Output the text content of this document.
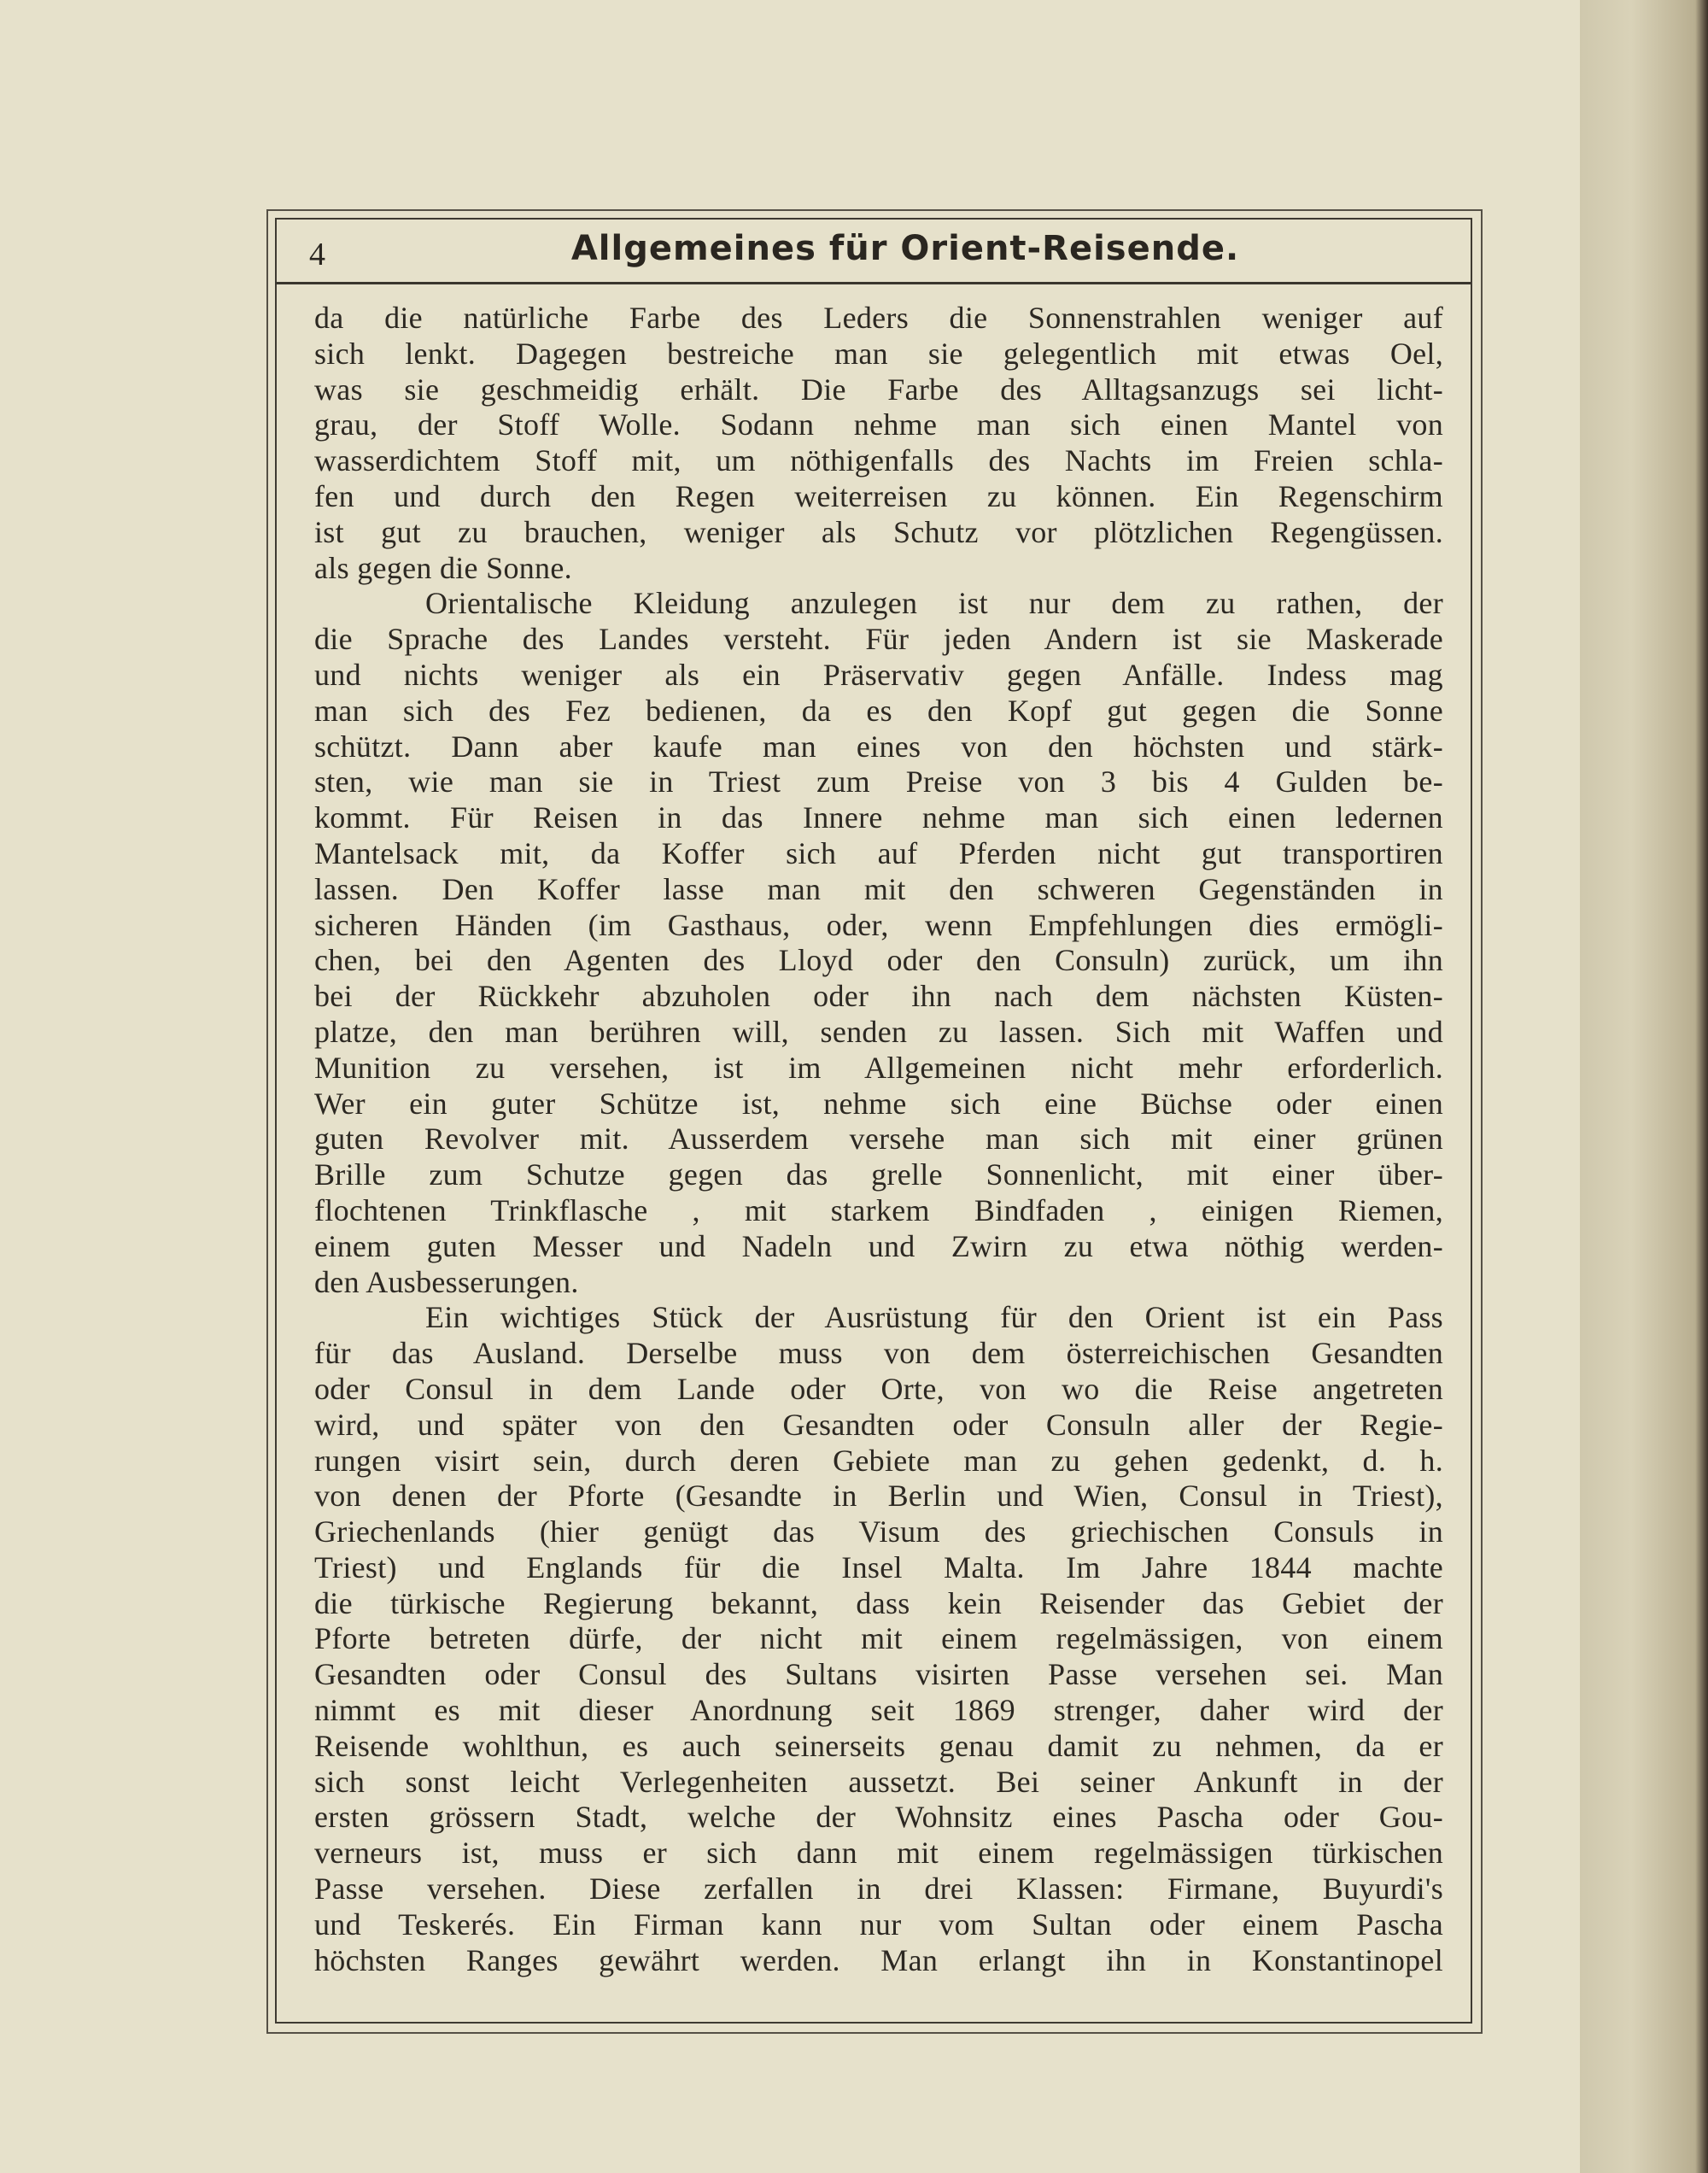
4	Allgemeines für Orient-Reisende.
da die natürliche Farbe des Leders die Sonnenstrahlen weniger auf
sich lenkt. Dagegen bestreiche man sie gelegentlich mit etwas Oel,
was sie geschmeidig erhält. Die Farbe des Alltagsanzugs sei licht-
grau, der Stoff Wolle. Sodann nehme man sich einen Mantel von
wasserdichtem Stoff mit, um nöthigenfalls des Nachts im Freien schla-
fen und durch den Regen weiterreisen zu können. Ein Regenschirm
ist gut zu brauchen, weniger als Schutz vor plötzlichen Regengüssen.
als gegen die Sonne.
Orientalische Kleidung anzulegen ist nur dem zu rathen, der
die Sprache des Landes versteht. Für jeden Andern ist sie Maskerade
und nichts weniger als ein Präservativ gegen Anfälle. Indess mag
man sich des Fez bedienen, da es den Kopf gut gegen die Sonne
schützt. Dann aber kaufe man eines von den höchsten und stärk-
sten, wie man sie in Triest zum Preise von 3 bis 4 Gulden be-
kommt. Für Reisen in das Innere nehme man sich einen ledernen
Mantelsack mit, da Koffer sich auf Pferden nicht gut transportiren
lassen. Den Koffer lasse man mit den schweren Gegenständen in
sicheren Händen (im Gasthaus, oder, wenn Empfehlungen dies ermögli-
chen, bei den Agenten des Lloyd oder den Consuln) zurück, um ihn
bei der Rückkehr abzuholen oder ihn nach dem nächsten Küsten-
platze, den man berühren will, senden zu lassen. Sich mit Waffen und
Munition zu versehen, ist im Allgemeinen nicht mehr erforderlich.
Wer ein guter Schütze ist, nehme sich eine Büchse oder einen
guten Revolver mit. Ausserdem versehe man sich mit einer grünen
Brille zum Schutze gegen das grelle Sonnenlicht, mit einer über-
flochtenen Trinkflasche , mit starkem Bindfaden , einigen Riemen,
einem guten Messer und Nadeln und Zwirn zu etwa nöthig werden-
den Ausbesserungen.
Ein wichtiges Stück der Ausrüstung für den Orient ist ein Pass
für das Ausland. Derselbe muss von dem österreichischen Gesandten
oder Consul in dem Lande oder Orte, von wo die Reise angetreten
wird, und später von den Gesandten oder Consuln aller der Regie-
rungen visirt sein, durch deren Gebiete man zu gehen gedenkt, d. h.
von denen der Pforte (Gesandte in Berlin und Wien, Consul in Triest),
Griechenlands (hier genügt das Visum des griechischen Consuls in
Triest) und Englands für die Insel Malta. Im Jahre 1844 machte
die türkische Regierung bekannt, dass kein Reisender das Gebiet der
Pforte betreten dürfe, der nicht mit einem regelmässigen, von einem
Gesandten oder Consul des Sultans visirten Passe versehen sei. Man
nimmt es mit dieser Anordnung seit 1869 strenger, daher wird der
Reisende wohlthun, es auch seinerseits genau damit zu nehmen, da er
sich sonst leicht Verlegenheiten aussetzt. Bei seiner Ankunft in der
ersten grössern Stadt, welche der Wohnsitz eines Pascha oder Gou-
verneurs ist, muss er sich dann mit einem regelmässigen türkischen
Passe versehen. Diese zerfallen in drei Klassen: Firmane, Buyurdi's
und Teskerés. Ein Firman kann nur vom Sultan oder einem Pascha
höchsten Ranges gewährt werden. Man erlangt ihn in Konstantinopel
